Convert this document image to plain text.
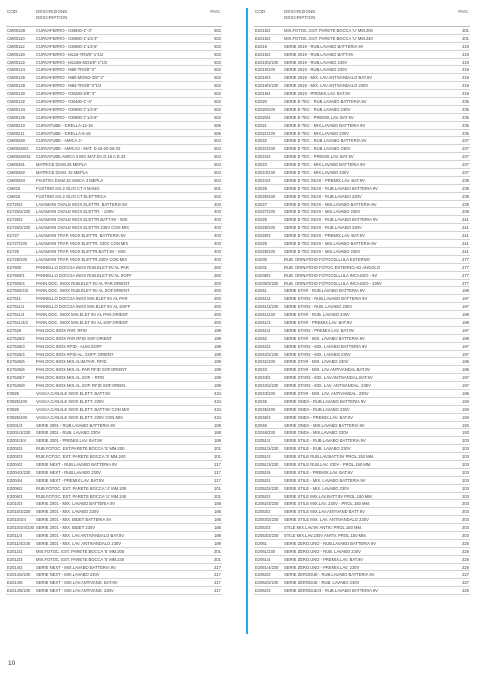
COD.	DESCRIZIONE
DESCRIPTION
PAG.
CM00108	CURVAFERRO - GM630-1"-3"	502
CM00110	CURVAFERRO - GM600-1"1/2-3"	502
CM00112	CURVAFERRO - GM600-1"1/2-6"	502
CM00120	CURVAFERRO - M116-TR3/8"-1"1/2	502
CM00122	CURVAFERRO - M116B-MO3/8"-1"1/2	502
CM00124	CURVAFERRO - M80-TR3/8"-2"	502
CM00126	CURVAFERRO - M80-MONO-3/8"-2"	502
CM00128	CURVAFERRO - M84-TR3/8"-2"1/2	502
CM00130	CURVAFERRO - GM200-3/8"-3"	502
CM00132	CURVAFERRO - GM400-1"-4"	502
CM00134	CURVAFERRO - GM500-1"1/2-5"	502
CM00136	CURVAFERRO - GM600-1"1/2-6"	502
CM00210	CURVATUBE - GRELLA-12-16	506
CM00211	CURVATUBE - GRELLA-6-18	506
CM00260	CURVATUBE - AMICA 3 -	504
CM00260/2 CURVATUBE - AMICA3 - MAT. D.16-20-26-32	504
CM00260/32 CURVATUBE AMICA 3 BIG MAT.DA D.16 A D.32	504
CM00261	MATRICE DIAM.26 MEPLA	504
CM00262	MATRICE DIAM. 32 MEPLA	504
CM00263	PIASTRA DIAM.32 AMICA 3 MEPLA	504
CM015	FUSTINO KG.2 OLIO CT A MANO	501
CM016	FUSTINO KG.2 OLIO CT ELETTRICA	502
E2725/2	LAVAMANI OVALE INOX ELETTR. BATTERIA 9V	403
E2725/2/230 LAVAMANI OVALE INOX ELETTR. - 230V	403
E2726/2	LAVAMANI OVALE INOX ELETTR.BATT.9V - MIX	403
E2726/2/230 LAVAMANI OVALE INOX ELETTR.230V CON MIX	403
E2727	LAVAMANI TRAP. INOX ELETTR. BATTERIA 9V	403
E2727/230 LAVAMANI TRAP. INOX ELETTR. 230V CON MIX	403
E2728	LAVAMANI TRAP. INOX ELETTR.BATT.9V - MIX	403
E2728/230 LAVAMANI TRAP. INOX ELETTR.230V CON MIX	403
E27500	PANNELLO DOCCIA INOX RUB.ELET 9V AL PAR	283
E27500/1	PANNELLO DOCCIA INOX RUB.ELET 9V AL SOFF	283
E27500/4	PANN.DOC. INOX RUB.ELET 9V AL PAR.ORIENT	283
E27500/4/2 PANN.DOC. INOX RUB.ELET 9V AL.SOF.ORIENT	283
E27511	PANNELLO DOCCIA INOX MIX.ELET 9V AL PAR	283
E27511/1	PANNELLO DOCCIA INOX MIX.ELET 9V AL SOFF	283
E27511/4	PANN.DOC. INOX MIX.ELET 9V AL PAR.ORIENT	283
E27511/4/2 PANN.DOC. INOX MIX.ELET 9V AL.SOF.ORIENT	283
E27526	PAN.DOC.INOX PAR. RFID	189
E27526/2	PAN.DOC.INOX PAR.RFID SOF.ORIENT	189
E27526/3	PAN.DOC.INOX RFID - ALIM.SOFF	189
E27526/4	PAN.DOC.INOX RFID AL. SOFF. ORIENT	189
E27526/5	PAN.DOC.INOX MIX.ALIM.PAR. RFID	189
E27526/6	PAN.DOC.INOX MIX.AL.PAR RFID SOF.ORIENT	189
E27526/7	PAN.DOC.INOX MIX.AL.SOF. - RFID	189
E27526/8	PAN.DOC.INOX MIX.AL.SOF. RFID SOF.ORIEN.	189
E3925	VASCA CANALE INOX ELETT. BATT.9V	434
E3925/230 VASCA CANALE INOX ELETT. 230V	434
E3926	VASCA CANALE INOX ELETT. BATT.9V CON MIX	434
E3926/230 VASCA CANALE INOX ELETT. 230V CON MIX	434
E2001/3	SERIE 2001 - RUB.LAVABO BATTERIA 9V	188
E2001/3/230 SERIE 2001 - RUB. LAVABO 230V	188
E2001/3/4 SERIE 2001 - PREMIX.LAV. BAT.9V	188
E2002/2	RUB.FOTOC. EST.PARETE BOCCA '5' MM.200	201
E2002/3	RUB.FOTOC. EST. PARETE BOCCA '5' MM.240	201
E2004/2	SERIE NEXT - RUB.LAVABO BATTERIA 9V	217
E2004/2/230 SERIE NEXT - RUB.LAVABO 230V	217
E2004/4	SERIE NEXT - PREMIX.LAV. BAT.9V	217
E2006/2	RUB.FOTOC. EST. PARETE BOCCA 'U' MM.200	201
E2006/3	RUB.FOTOC. EST. PARETE BOCCA 'U' MM.240	201
E2010/3	SERIE 2001 - MIX. LAVABO BATTERIA 9V	188
E2010/3/230 SERIE 2001 - MIX. LAVABO 230V	188
E2010/3/4 SERIE 2001 - MIX. BIDET BATTERIA 9V	188
E2010/3/4/230 SERIE 2001 - MIX. BIDET 230V	188
E2011/4	SERIE 2001 - MIX. LAV.ANTIVANDALO BAT.9V	189
E2011/4/230 SERIE 2001 - MIX. LAV. ANTIVANDALO 230V	189
E2012/2	MIX.FOTOC. EST. PARETE BOCCA '5' MM.200	201
E2012/3	MIX.FOTOC. EST. PARETE BOCCA '5' MM.240	201
E2014/2	SERIE NEXT - MIX.LAVABO BATTERIA 9V	217
E2014/2/230 SERIE NEXT - MIX.LAVABO 230V	217
E2014/5	SERIE NEXT - MIX.LAV.ANTIVAND. BAT.9V	217
E2014/5/230 SERIE NEXT - MIX.LAV.ANTIVAND. 230V	217
COD.	DESCRIZIONE
DESCRIPTION
PAG.
E2015/2	MIX.FOTOC. EST. PARETE BOCCA 'U' MM.200	201
E2016/2	MIX.FOTOC. EST. PARETE BOCCA 'U' MM.240	201
E2019	SERIE 2019 - RUB.LAVABO BATTERIA 9V	219
E2019/2	SERIE 2019 - RUB.LAVABO BATT.9V	219
E2019/2/230 SERIE 2019 - RUB.LAVABO 230V	219
E2019/230 SERIE 2019 - RUB.LAVABO 230V	219
E2019/3	SERIE 2019 - MIX. LAV.ANTIVANDALO BAT.9V	219
E2019/3/230 SERIE 2019 - MIX. LAV.ANTIVANDALO 230V	219
E2019/4	SERIE 2019 - PREMIX.LAV. BAT.9V	219
E2020	SERIE E-TEC - RUB.LAVABO BATTERIA 9V	235
E2020/230 SERIE E-TEC - RUB.LAVABO 230V	235
E2020/4	SERIE E-TEC - PREMIX.LAV. BAT.9V	235
E2021	SERIE E-TEC - MIX.LAVABO BATTERIA 9V	235
E2021/230 SERIE E-TEC - MIX.LAVABO 230V	235
E2022	SERIE E-TEC - RUB.LAVABO BATTERIA 9V	237
E2022/230 SERIE E-TEC - RUB.LAVABO 230V	237
E2022/4	SERIE E-TEC - PREMIX.LAV. BAT.9V	237
E2023	SERIE E-TEC - MIX.LAVABO BATTERIA 9V	237
E2023/230 SERIE E-TEC - MIX.LAVABO 230V	237
E2024/3	SERIE E-TEC INOX - PREMIX.LAV. BAT.9V	239
E2026	SERIE E-TEC INOX - RUB.LAVABO BATTERIA 9V	239
E2026/230 SERIE E-TEC INOX - RUB.LAVABO 230V	239
E2027	SERIE E-TEC INOX - MIX.LAVABO BATTERIA 9V	239
E2027/230 SERIE E-TEC INOX - MIX.LAVABO 230V	239
E2028	SERIE E-TEC INOX - RUB.LAVABO BATTERIA 9V	241
E2028/230 SERIE E-TEC INOX - RUB.LAVABO 230V	241
E2028/3	SERIE E-TEC INOX - PREMIX.LAV. BAT.9V	241
E2029	SERIE E-TEC INOX - MIX.LAVABO BATTERIA 9V	241
E2029/230 SERIE E-TEC INOX - MIX.LAVABO 230V	241
E2030	RUB. ORINATOIO FOTOCELLULA ESTERNO	277
E2031	RUB. ORINATOIO FOTOC.ESTERNO AD ANGOLO	277
E2038/3	RUB. ORINATOIO FOTOCELLULA INCASSO - 9V	277
E2038/3/230 RUB. ORINATOIO FOTOCELLULA INCASSO - 230V	277
E2041	SERIE STAR - RUB.LAVABO BATTERIA 9V	195
E2041/2	SERIE STAR2 - RUB.LAVABO BATTERIA 9V	197
E2041/2/230 SERIE STAR2 - RUB. LAVABO 230V	197
E2041/230 SERIE STAR - RUB. LAVABO 230V	195
E2041/3	SERIE STAR - PREMIX.LAV. BAT.9V	195
E2041/4	SERIE STAR2 - PREMIX.LAV. BAT.9V	197
E2042	SERIE STAR - MIX. LAVABO BATTERIA 9V	195
E2042/2	SERIE STAR2 - MIX. LAVABO BATTERIA 9V	197
E2042/2/230 SERIE STAR2 - MIX. LAVABO 230V	197
E2042/230 SERIE STAR - MIX. LAVABO 230V	195
E2043	SERIE STAR - MIX. LAV.ANTIVANDAL.BAT.9V	195
E2043/2	SERIE STAR2 - MIX. LAV.ANTIVANDAL.BAT.9V	197
E2043/2/230 SERIE STAR2 - MIX. LAV. ANTIVANDAL. 230V	197
E2043/230 SERIE STAR - MIX. LAV. ANTIVANDAL. 230V	195
E2045	SERIE ONDA - RUB.LAVABO BATTERIA 9V	193
E2045/230 SERIE ONDA - RUB.LAVABO 230V	193
E2045/3	SERIE ONDA - PREMIX.LAV. BAT.9V	193
E2046	SERIE ONDA - MIX.LAVABO BATTERIA 9V	193
E2046/230 SERIE ONDA - MIX.LAVABO 230V	193
E2051/2	SERIE STILE - RUB.LAVABO BATTERIA 9V	203
E2051/2/230 SERIE STILE - RUB. LAVABO 230V	203
E2051/3	SERIE STILE RUB.LAV.BATT.9V PROL.150 MM.	203
E2051/3/230 SERIE STILE RUB.LAV. 230V - PROL.150 MM.	203
E2051/5	SERIE STILE - PREMIX.LAV. BAT.9V	203
E2052/2	SERIE STILE - MIX. LAVABO BATTERIA 9V	203
E2052/2/230 SERIE STILE - MIX. LAVABO 230V	203
E2052/3	SERIE STILE MIX.LAV.BATT.9V PROL.150 MM.	203
E2052/3/230 SERIE STILE MIX.LAV. 230V - PROL.150 MM.	203
E2053/2	SERIE STILE MIX.LAV.ANTIVAND BATT.9V	203
E2053/2/230 SERIE STILE MIX. LAV. ANTIVANDALO 230V	203
E2053/3	STILE MIX.LAV.9V ANTIV. PROL.150 MM.	203
E2053/3/230 STILE MIX.LAV.230V ANTIV. PROL.150 MM.	203
E2061	SERIE ZERO.UNO - RUB.LAVABO BATTERIA 9V	225
E2061/230 SERIE ZERO.UNO - RUB. LAVABO 230V	225
E2061/4	SERIE ZERO.UNO - PREMIX.LAV. BAT.9V	225
E2061/4/230 SERIE ZERO.UNO - PREMIX.LAV. 230V	225
E2062/2	SERIE ZERODUE - RUB.LAVABO BATTERIA 9V	227
E2062/2/230 SERIE ZERODUE - RUB. LAVABO 230V	227
E2062/3	SERIE ZERODUE/3 - RUB.LAVABO BATTERIA 9V	229
10
